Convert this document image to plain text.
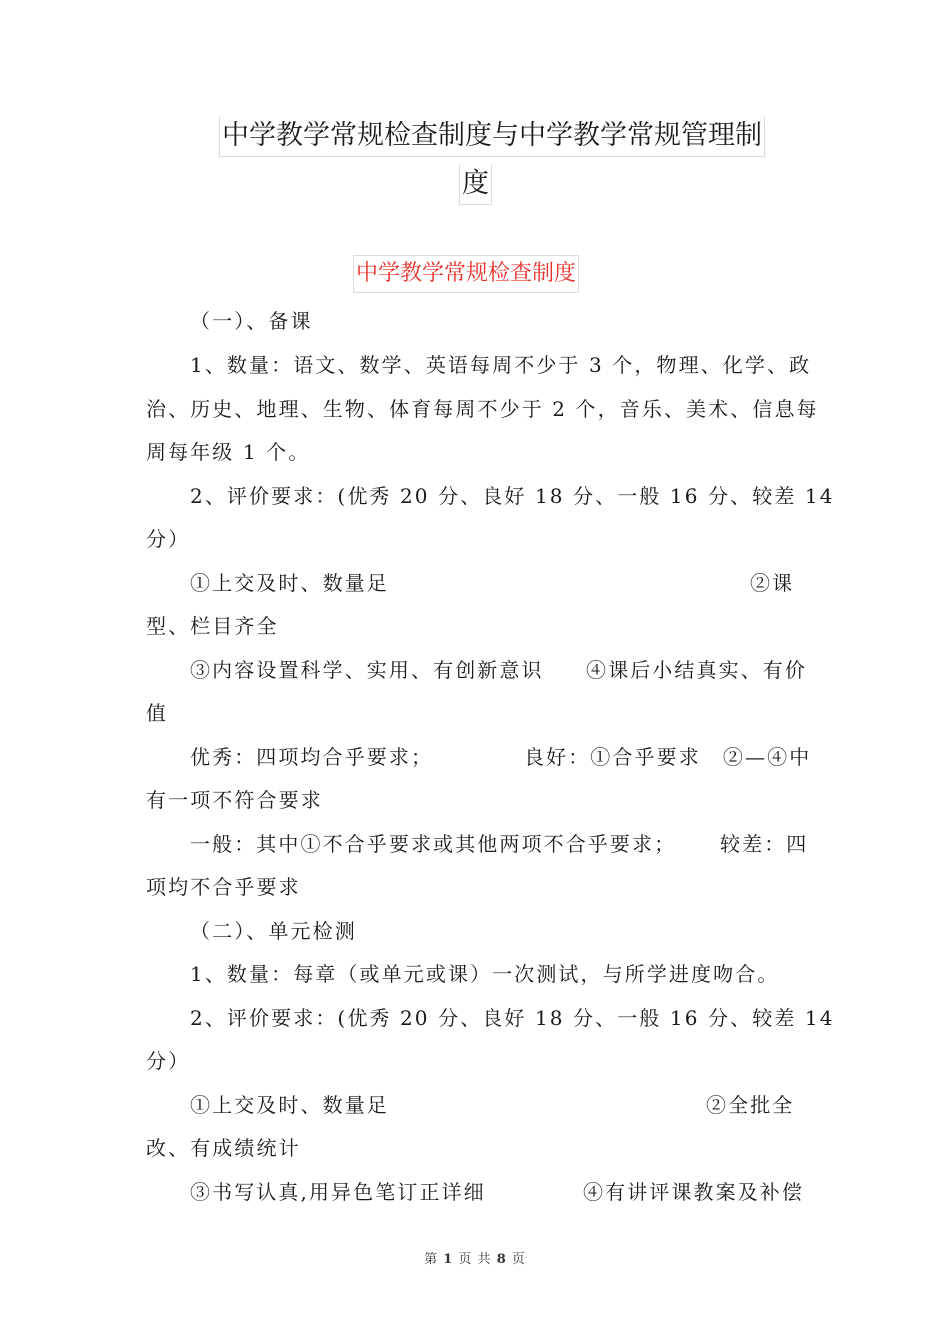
中学教学常规检查制度与中学教学常规管理制
度
中学教学常规检查制度
（一）、备课
1、数量：语文、数学、英语每周不少于 3 个，物理、化学、政
治、历史、地理、生物、体育每周不少于 2 个，音乐、美术、信息每
周每年级 1 个。
2、评价要求：(优秀 20 分、良好 18 分、一般 16 分、较差 14
分）
①上交及时、数量足	②课
型、栏目齐全
③内容设置科学、实用、有创新意识 ④课后小结真实、有价
值
优秀：四项均合乎要求；	良好：①合乎要求　②—④中
有一项不符合要求
一般：其中①不合乎要求或其他两项不合乎要求； 较差：四
项均不合乎要求
（二）、单元检测
1、数量：每章（或单元或课）一次测试，与所学进度吻合。
2、评价要求：(优秀 20 分、良好 18 分、一般 16 分、较差 14
分）
①上交及时、数量足	②全批全
改、有成绩统计
③书写认真,用异色笔订正详细	④有讲评课教案及补偿
第 1 页 共 8 页
